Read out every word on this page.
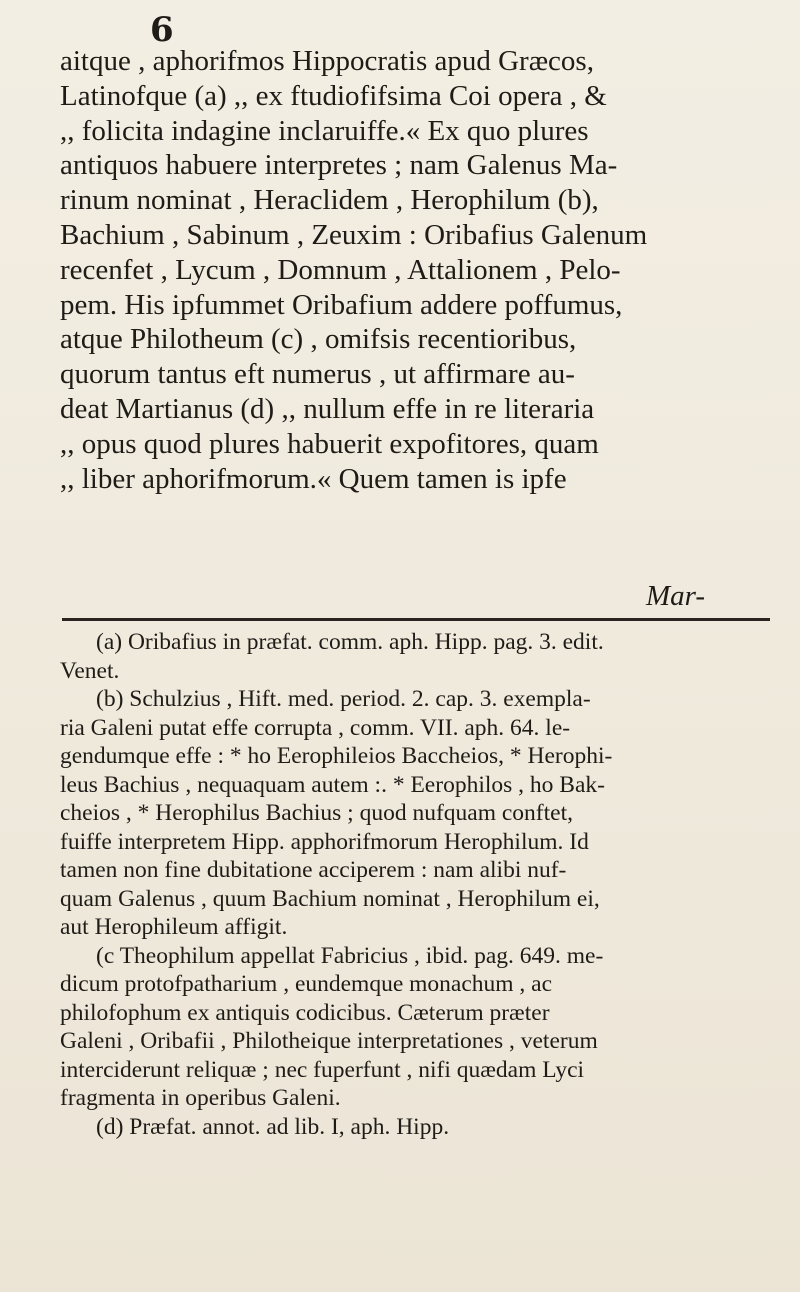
6
aitque , aphorifmos Hippocratis apud Græcos,
Latinofque (a) ,, ex ftudiofifsima Coi opera , &
,, folicita indagine inclaruiffe.« Ex quo plures
antiquos habuere interpretes ; nam Galenus Ma-
rinum nominat , Heraclidem , Herophilum (b),
Bachium , Sabinum , Zeuxim : Oribafius Galenum
recenfet , Lycum , Domnum , Attalionem , Pelo-
pem. His ipfummet Oribafium addere poffumus,
atque Philotheum (c) , omifsis recentioribus,
quorum tantus eft numerus , ut affirmare au-
deat Martianus (d) ,, nullum effe in re literaria
,, opus quod plures habuerit expofitores, quam
,, liber aphorifmorum.« Quem tamen is ipfe
Mar-
(a) Oribafius in præfat. comm. aph. Hipp. pag. 3. edit.
Venet.
(b) Schulzius , Hift. med. period. 2. cap. 3. exempla-
ria Galeni putat effe corrupta , comm. VII. aph. 64. le-
gendumque effe : * ho Eerophileios Baccheios, * Herophi-
leus Bachius , nequaquam autem :. * Eerophilos , ho Bak-
cheios , * Herophilus Bachius ; quod nufquam conftet,
fuiffe interpretem Hipp. apphorifmorum Herophilum. Id
tamen non fine dubitatione acciperem : nam alibi nuf-
quam Galenus , quum Bachium nominat , Herophilum ei,
aut Herophileum affigit.
(c Theophilum appellat Fabricius , ibid. pag. 649. me-
dicum protofpatharium , eundemque monachum , ac
philofophum ex antiquis codicibus. Cæterum præter
Galeni , Oribafii , Philotheique interpretationes , veterum
interciderunt reliquæ ; nec fuperfunt , nifi quædam Lyci
fragmenta in operibus Galeni.
(d) Præfat. annot. ad lib. I, aph. Hipp.
